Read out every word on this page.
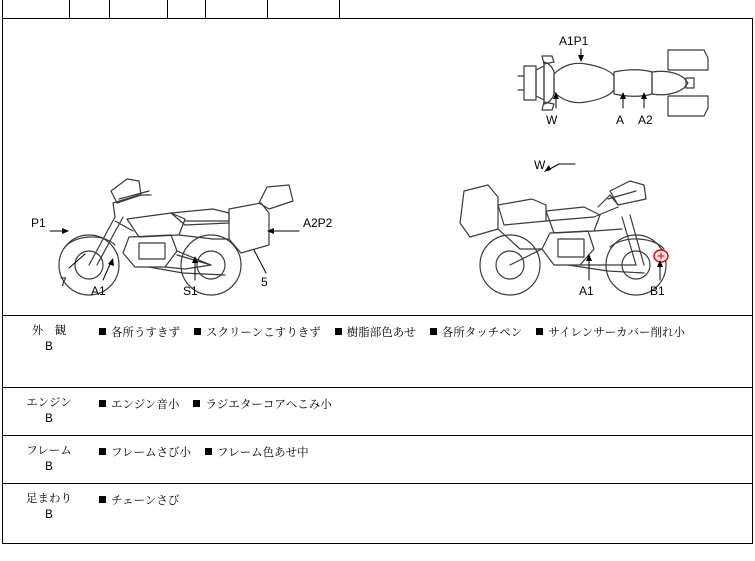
A1P1
W	A A2
P1	A2P2
7
A1	S1
5
W
A1	B1
外　観
B
各所うすきず スクリーンこすりきず 樹脂部色あせ 各所タッチペン サイレンサーカバー削れ小
エンジン
B
エンジン音小 ラジエターコアへこみ小
フレーム
B
フレームさび小 フレーム色あせ中
足まわり
B
チェーンさび
